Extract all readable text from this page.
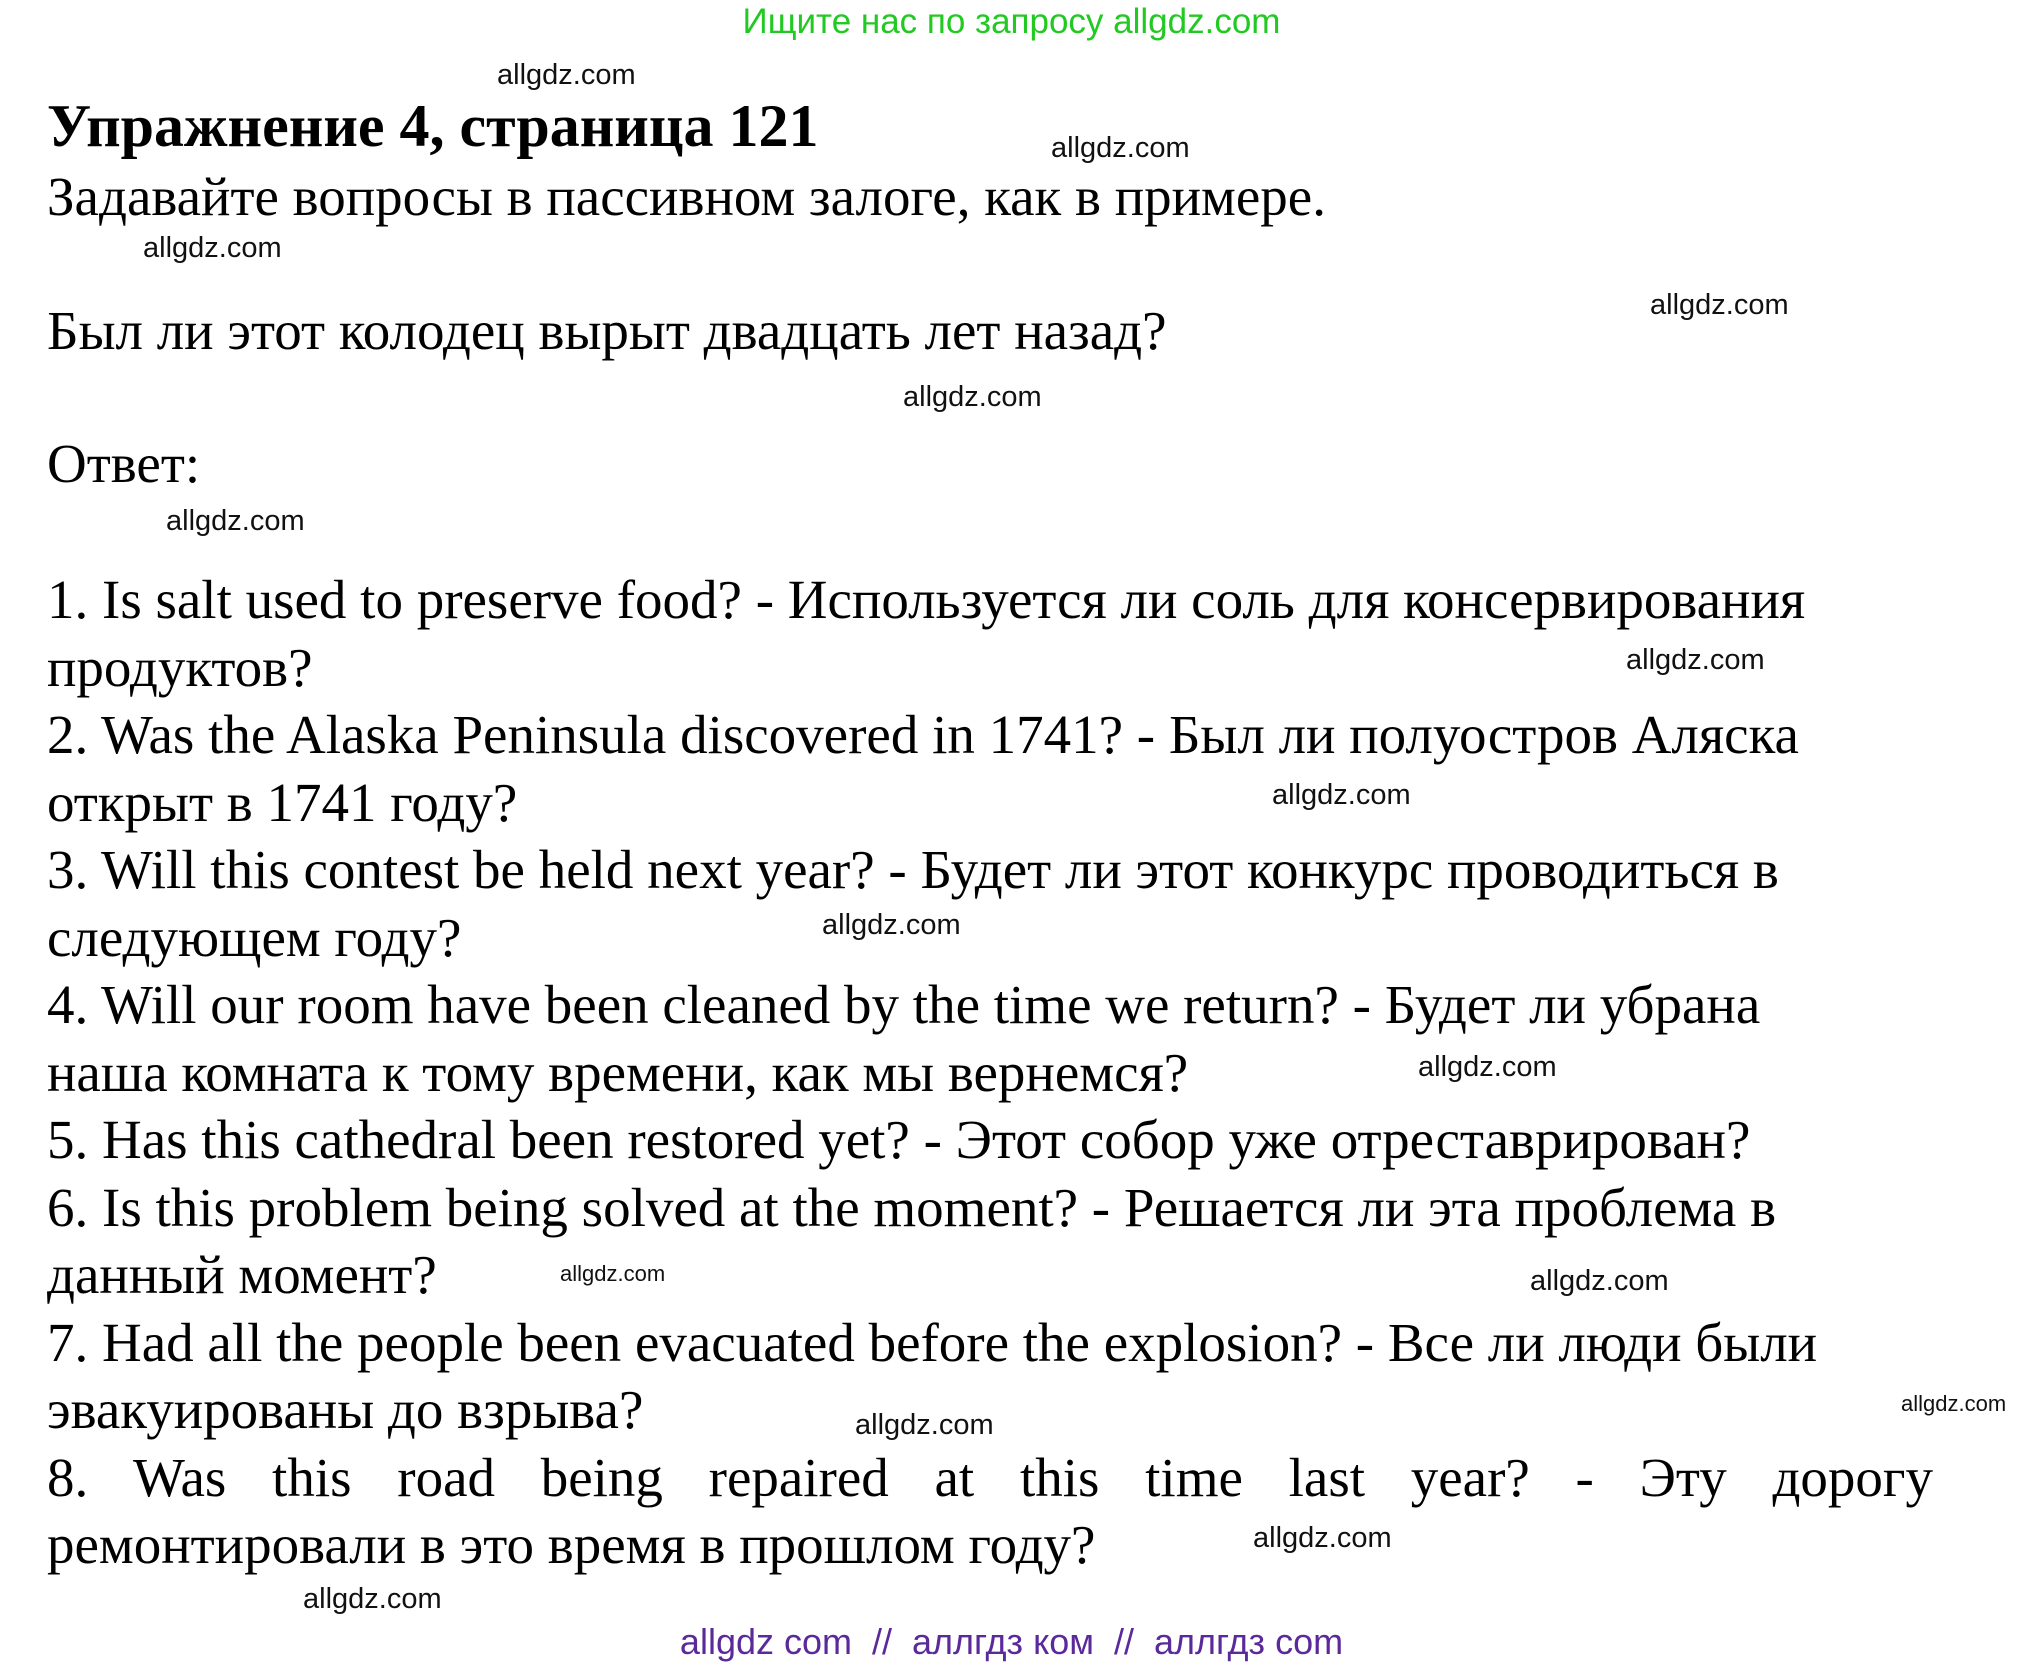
Ищите нас по запросу allgdz.com
Упражнение 4, страница 121
Задавайте вопросы в пассивном залоге, как в примере.
Был ли этот колодец вырыт двадцать лет назад?
Ответ:
1. Is salt used to preserve food? - Используется ли соль для консервирования
продуктов?
2. Was the Alaska Peninsula discovered in 1741? - Был ли полуостров Аляска
открыт в 1741 году?
3. Will this contest be held next year? - Будет ли этот конкурс проводиться в
следующем году?
4. Will our room have been cleaned by the time we return? - Будет ли убрана
наша комната к тому времени, как мы вернемся?
5. Has this cathedral been restored yet? - Этот собор уже отреставрирован?
6. Is this problem being solved at the moment? - Решается ли эта проблема в
данный момент?
7. Had all the people been evacuated before the explosion? - Все ли люди были
эвакуированы до взрыва?
8. Was this road being repaired at this time last year? - Эту дорогу
ремонтировали в это время в прошлом году?
allgdz.com
allgdz.com
allgdz.com
allgdz.com
allgdz.com
allgdz.com
allgdz.com
allgdz.com
allgdz.com
allgdz.com
allgdz.com	allgdz.com
allgdz.com
allgdz.com
allgdz.com
allgdz.com
allgdz com  //  аллгдз ком  //  аллгдз com
